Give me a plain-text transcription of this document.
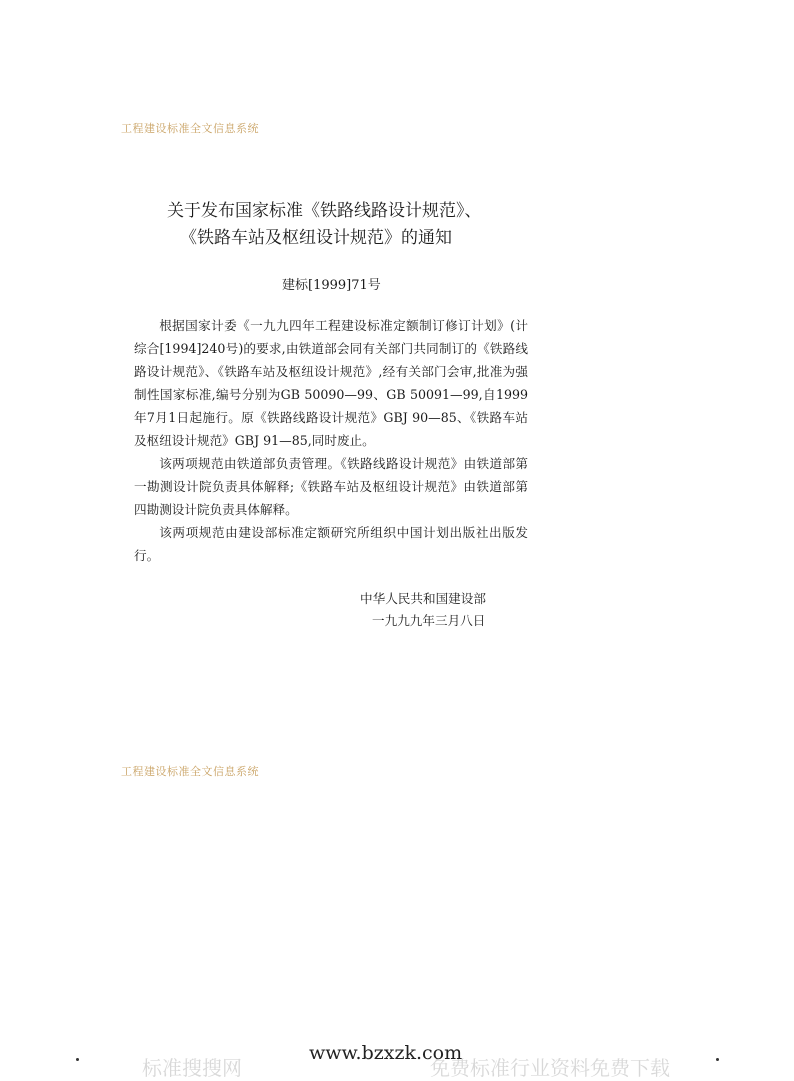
工程建设标准全文信息系统
关于发布国家标准《铁路线路设计规范》、
《铁路车站及枢纽设计规范》的通知
建标[1999]71号

根据国家计委《一九九四年工程建设标准定额制订修订计划》(计综合[1994]240号)的要求,由铁道部会同有关部门共同制订的《铁路线路设计规范》、《铁路车站及枢纽设计规范》,经有关部门会审,批准为强制性国家标准,编号分别为GB 50090—99、GB 50091—99,自1999年7月1日起施行。原《铁路线路设计规范》GBJ 90—85、《铁路车站及枢纽设计规范》GBJ 91—85,同时废止。

该两项规范由铁道部负责管理。《铁路线路设计规范》由铁道部第一勘测设计院负责具体解释;《铁路车站及枢纽设计规范》由铁道部第四勘测设计院负责具体解释。

该两项规范由建设部标准定额研究所组织中国计划出版社出版发行。

中华人民共和国建设部
一九九九年三月八日
工程建设标准全文信息系统
标准搜搜网	免费标准行业资料免费下载
www.bzxzk.com
